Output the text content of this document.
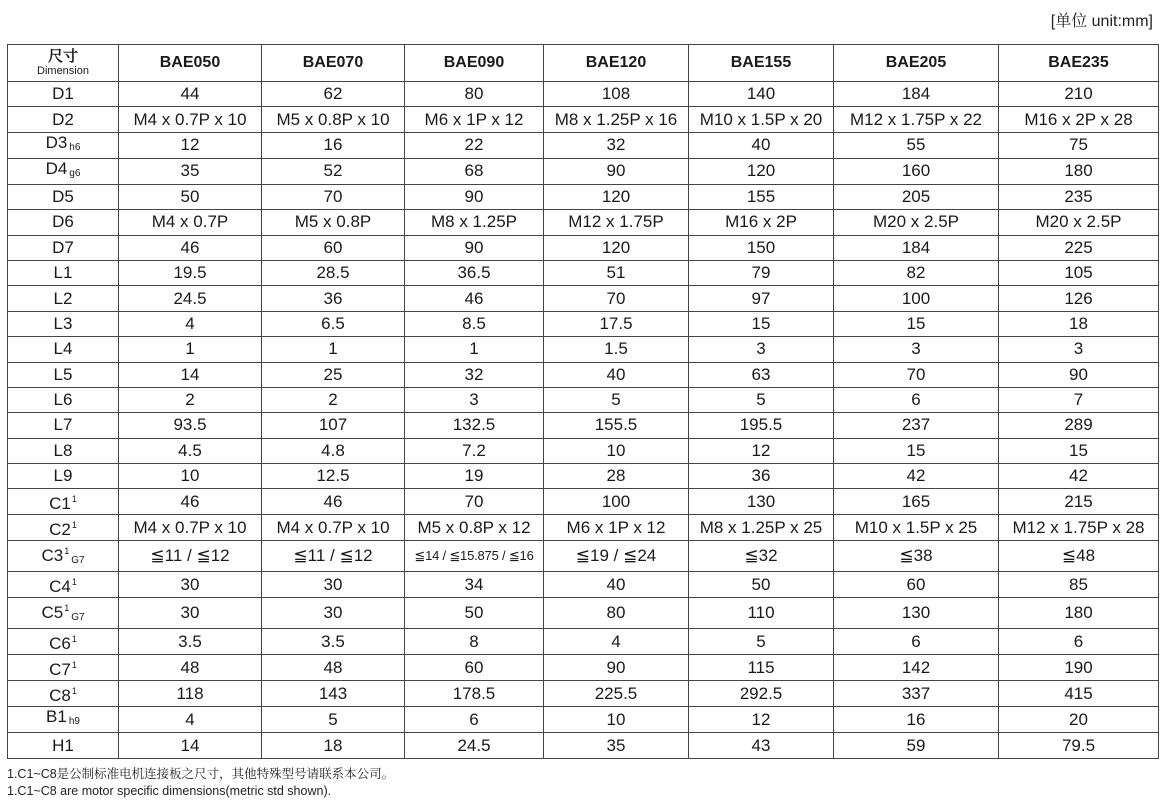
[单位 unit:mm]
尺寸
Dimension	BAE050	BAE070	BAE090	BAE120	BAE155	BAE205	BAE235
D1	44	62	80	108	140	184	210
D2	M4 x 0.7P x 10	M5 x 0.8P x 10	M6 x 1P x 12	M8 x 1.25P x 16	M10 x 1.5P x 20	M12 x 1.75P x 22	M16 x 2P x 28
D3 $_{h6}$	12	16	22	32	40	55	75
D4 $_{g6}$	35	52	68	90	120	160	180
D5	50	70	90	120	155	205	235
D6	M4 x 0.7P	M5 x 0.8P	M8 x 1.25P	M12 x 1.75P	M16 x 2P	M20 x 2.5P	M20 x 2.5P
D7	46	60	90	120	150	184	225
L1	19.5	28.5	36.5	51	79	82	105
L2	24.5	36	46	70	97	100	126
L3	4	6.5	8.5	17.5	15	15	18
L4	1	1	1	1.5	3	3	3
L5	14	25	32	40	63	70	90
L6	2	2	3	5	5	6	7
L7	93.5	107	132.5	155.5	195.5	237	289
L8	4.5	4.8	7.2	10	12	15	15
L9	10	12.5	19	28	36	42	42
$C1^1$	46	46	70	100	130	165	215
$C2^1$	M4 x 0.7P x 10	M4 x 0.7P x 10	M5 x 0.8P x 12	M6 x 1P x 12	M8 x 1.25P x 25	M10 x 1.5P x 25	M12 x 1.75P x 28
$C3^1_{G7}$	≦11 / ≦12	≦11 / ≦12	≦14 / ≦15.875 / ≦16	≦19 / ≦24	≦32	≦38	≦48
$C4^1$	30	30	34	40	50	60	85
$C5^1_{G7}$	30	30	50	80	110	130	180
$C6^1$	3.5	3.5	8	4	5	6	6
$C7^1$	48	48	60	90	115	142	190
$C8^1$	118	143	178.5	225.5	292.5	337	415
B1 $_{h9}$	4	5	6	10	12	16	20
H1	14	18	24.5	35	43	59	79.5
1.C1~C8是公制标准电机连接板之尺寸，其他特殊型号请联系本公司。
1.C1~C8 are motor specific dimensions(metric std shown).
